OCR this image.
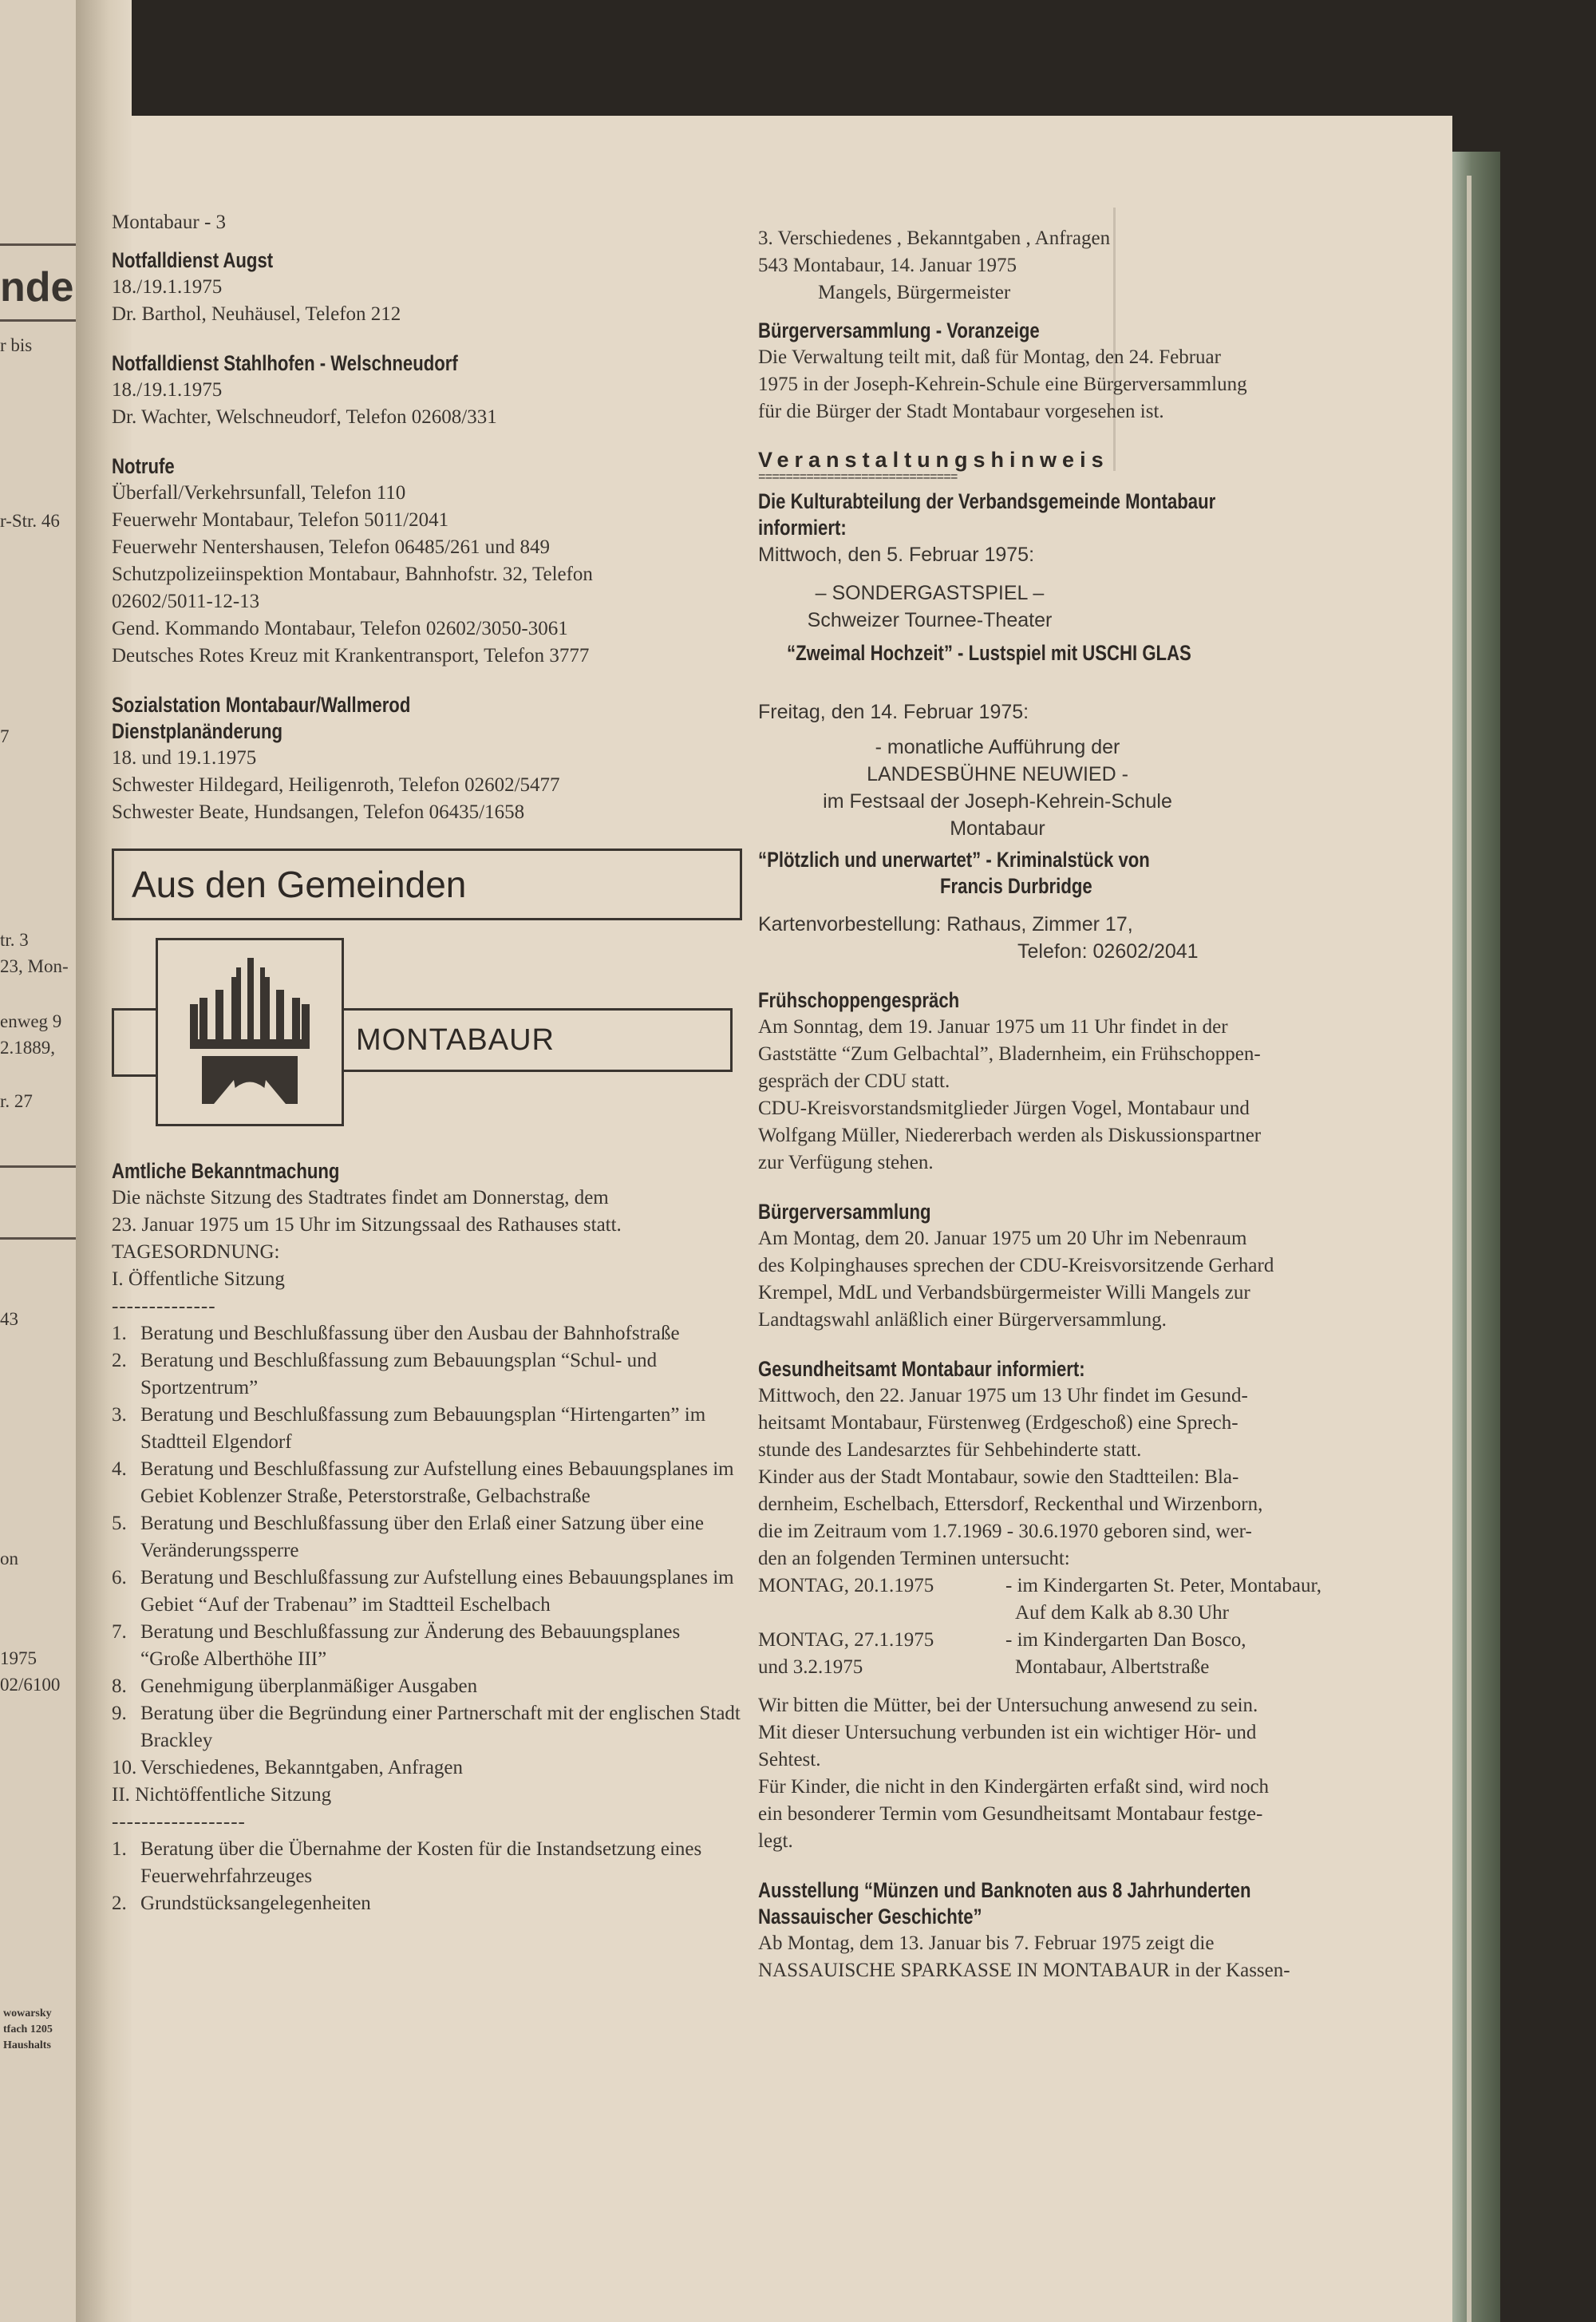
nde
r bis
r-Str. 46
7
tr. 3
23, Mon-
enweg 9
2.1889,
r. 27
43
on
1975
02/6100
wowarsky
tfach 1205
Haushalts
Montabaur - 3
Notfalldienst Augst
18./19.1.1975
Dr. Barthol, Neuhäusel, Telefon 212
Notfalldienst Stahlhofen - Welschneudorf
18./19.1.1975
Dr. Wachter, Welschneudorf, Telefon 02608/331
Notrufe
Überfall/Verkehrsunfall, Telefon 110
Feuerwehr Montabaur, Telefon 5011/2041
Feuerwehr Nentershausen, Telefon 06485/261 und 849
Schutzpolizeiinspektion Montabaur, Bahnhofstr. 32, Telefon
02602/5011-12-13
Gend. Kommando Montabaur, Telefon 02602/3050-3061
Deutsches Rotes Kreuz mit Krankentransport, Telefon 3777
Sozialstation Montabaur/Wallmerod
Dienstplanänderung
18. und 19.1.1975
Schwester Hildegard, Heiligenroth, Telefon 02602/5477
Schwester Beate, Hundsangen, Telefon 06435/1658
Aus den Gemeinden
MONTABAUR
Amtliche Bekanntmachung
Die nächste Sitzung des Stadtrates findet am Donnerstag, dem
23. Januar 1975 um 15 Uhr im Sitzungssaal des Rathauses statt.
TAGESORDNUNG:
I. Öffentliche Sitzung
--------------
1. Beratung und Beschlußfassung über den Ausbau der Bahnhofstraße
2. Beratung und Beschlußfassung zum Bebauungsplan “Schul- und Sportzentrum”
3. Beratung und Beschlußfassung zum Bebauungsplan “Hirtengarten” im Stadtteil Elgendorf
4. Beratung und Beschlußfassung zur Aufstellung eines Bebauungsplanes im Gebiet Koblenzer Straße, Peterstorstraße, Gelbachstraße
5. Beratung und Beschlußfassung über den Erlaß einer Satzung über eine Veränderungssperre
6. Beratung und Beschlußfassung zur Aufstellung eines Bebauungsplanes im Gebiet “Auf der Trabenau” im Stadtteil Eschelbach
7. Beratung und Beschlußfassung zur Änderung des Bebauungsplanes “Große Alberthöhe III”
8. Genehmigung überplanmäßiger Ausgaben
9. Beratung über die Begründung einer Partnerschaft mit der englischen Stadt Brackley
10. Verschiedenes, Bekanntgaben, Anfragen
II. Nichtöffentliche Sitzung
------------------
1. Beratung über die Übernahme der Kosten für die Instandsetzung eines Feuerwehrfahrzeuges
2. Grundstücksangelegenheiten
3. Verschiedenes , Bekanntgaben , Anfragen
543 Montabaur, 14. Januar 1975
Mangels, Bürgermeister
Bürgerversammlung - Voranzeige
Die Verwaltung teilt mit, daß für Montag, den 24. Februar
1975 in der Joseph-Kehrein-Schule eine Bürgerversammlung
für die Bürger der Stadt Montabaur vorgesehen ist.
Veranstaltungshinweis
=============================
Die Kulturabteilung der Verbandsgemeinde Montabaur
informiert:
Mittwoch, den 5. Februar 1975:
– SONDERGASTSPIEL –
Schweizer Tournee-Theater
“Zweimal Hochzeit” - Lustspiel mit USCHI GLAS
Freitag, den 14. Februar 1975:
- monatliche Aufführung der
LANDESBÜHNE NEUWIED -
im Festsaal der Joseph-Kehrein-Schule
Montabaur
“Plötzlich und unerwartet” - Kriminalstück von
Francis Durbridge
Kartenvorbestellung: Rathaus, Zimmer 17,
Telefon: 02602/2041
Frühschoppengespräch
Am Sonntag, dem 19. Januar 1975 um 11 Uhr findet in der
Gaststätte “Zum Gelbachtal”, Bladernheim, ein Frühschoppen-
gespräch der CDU statt.
CDU-Kreisvorstandsmitglieder Jürgen Vogel, Montabaur und
Wolfgang Müller, Niedererbach werden als Diskussionspartner
zur Verfügung stehen.
Bürgerversammlung
Am Montag, dem 20. Januar 1975 um 20 Uhr im Nebenraum
des Kolpinghauses sprechen der CDU-Kreisvorsitzende Gerhard
Krempel, MdL und Verbandsbürgermeister Willi Mangels zur
Landtagswahl anläßlich einer Bürgerversammlung.
Gesundheitsamt Montabaur informiert:
Mittwoch, den 22. Januar 1975 um 13 Uhr findet im Gesund-
heitsamt Montabaur, Fürstenweg (Erdgeschoß) eine Sprech-
stunde des Landesarztes für Sehbehinderte statt.
Kinder aus der Stadt Montabaur, sowie den Stadtteilen: Bla-
dernheim, Eschelbach, Ettersdorf, Reckenthal und Wirzenborn,
die im Zeitraum vom 1.7.1969 - 30.6.1970 geboren sind, wer-
den an folgenden Terminen untersucht:
MONTAG, 20.1.1975	- im Kindergarten St. Peter, Montabaur,
Auf dem Kalk ab 8.30 Uhr
MONTAG, 27.1.1975	- im Kindergarten Dan Bosco,
und 3.2.1975	Montabaur, Albertstraße
Wir bitten die Mütter, bei der Untersuchung anwesend zu sein.
Mit dieser Untersuchung verbunden ist ein wichtiger Hör- und
Sehtest.
Für Kinder, die nicht in den Kindergärten erfaßt sind, wird noch
ein besonderer Termin vom Gesundheitsamt Montabaur festge-
legt.
Ausstellung “Münzen und Banknoten aus 8 Jahrhunderten
Nassauischer Geschichte”
Ab Montag, dem 13. Januar bis 7. Februar 1975 zeigt die
NASSAUISCHE SPARKASSE IN MONTABAUR in der Kassen-
